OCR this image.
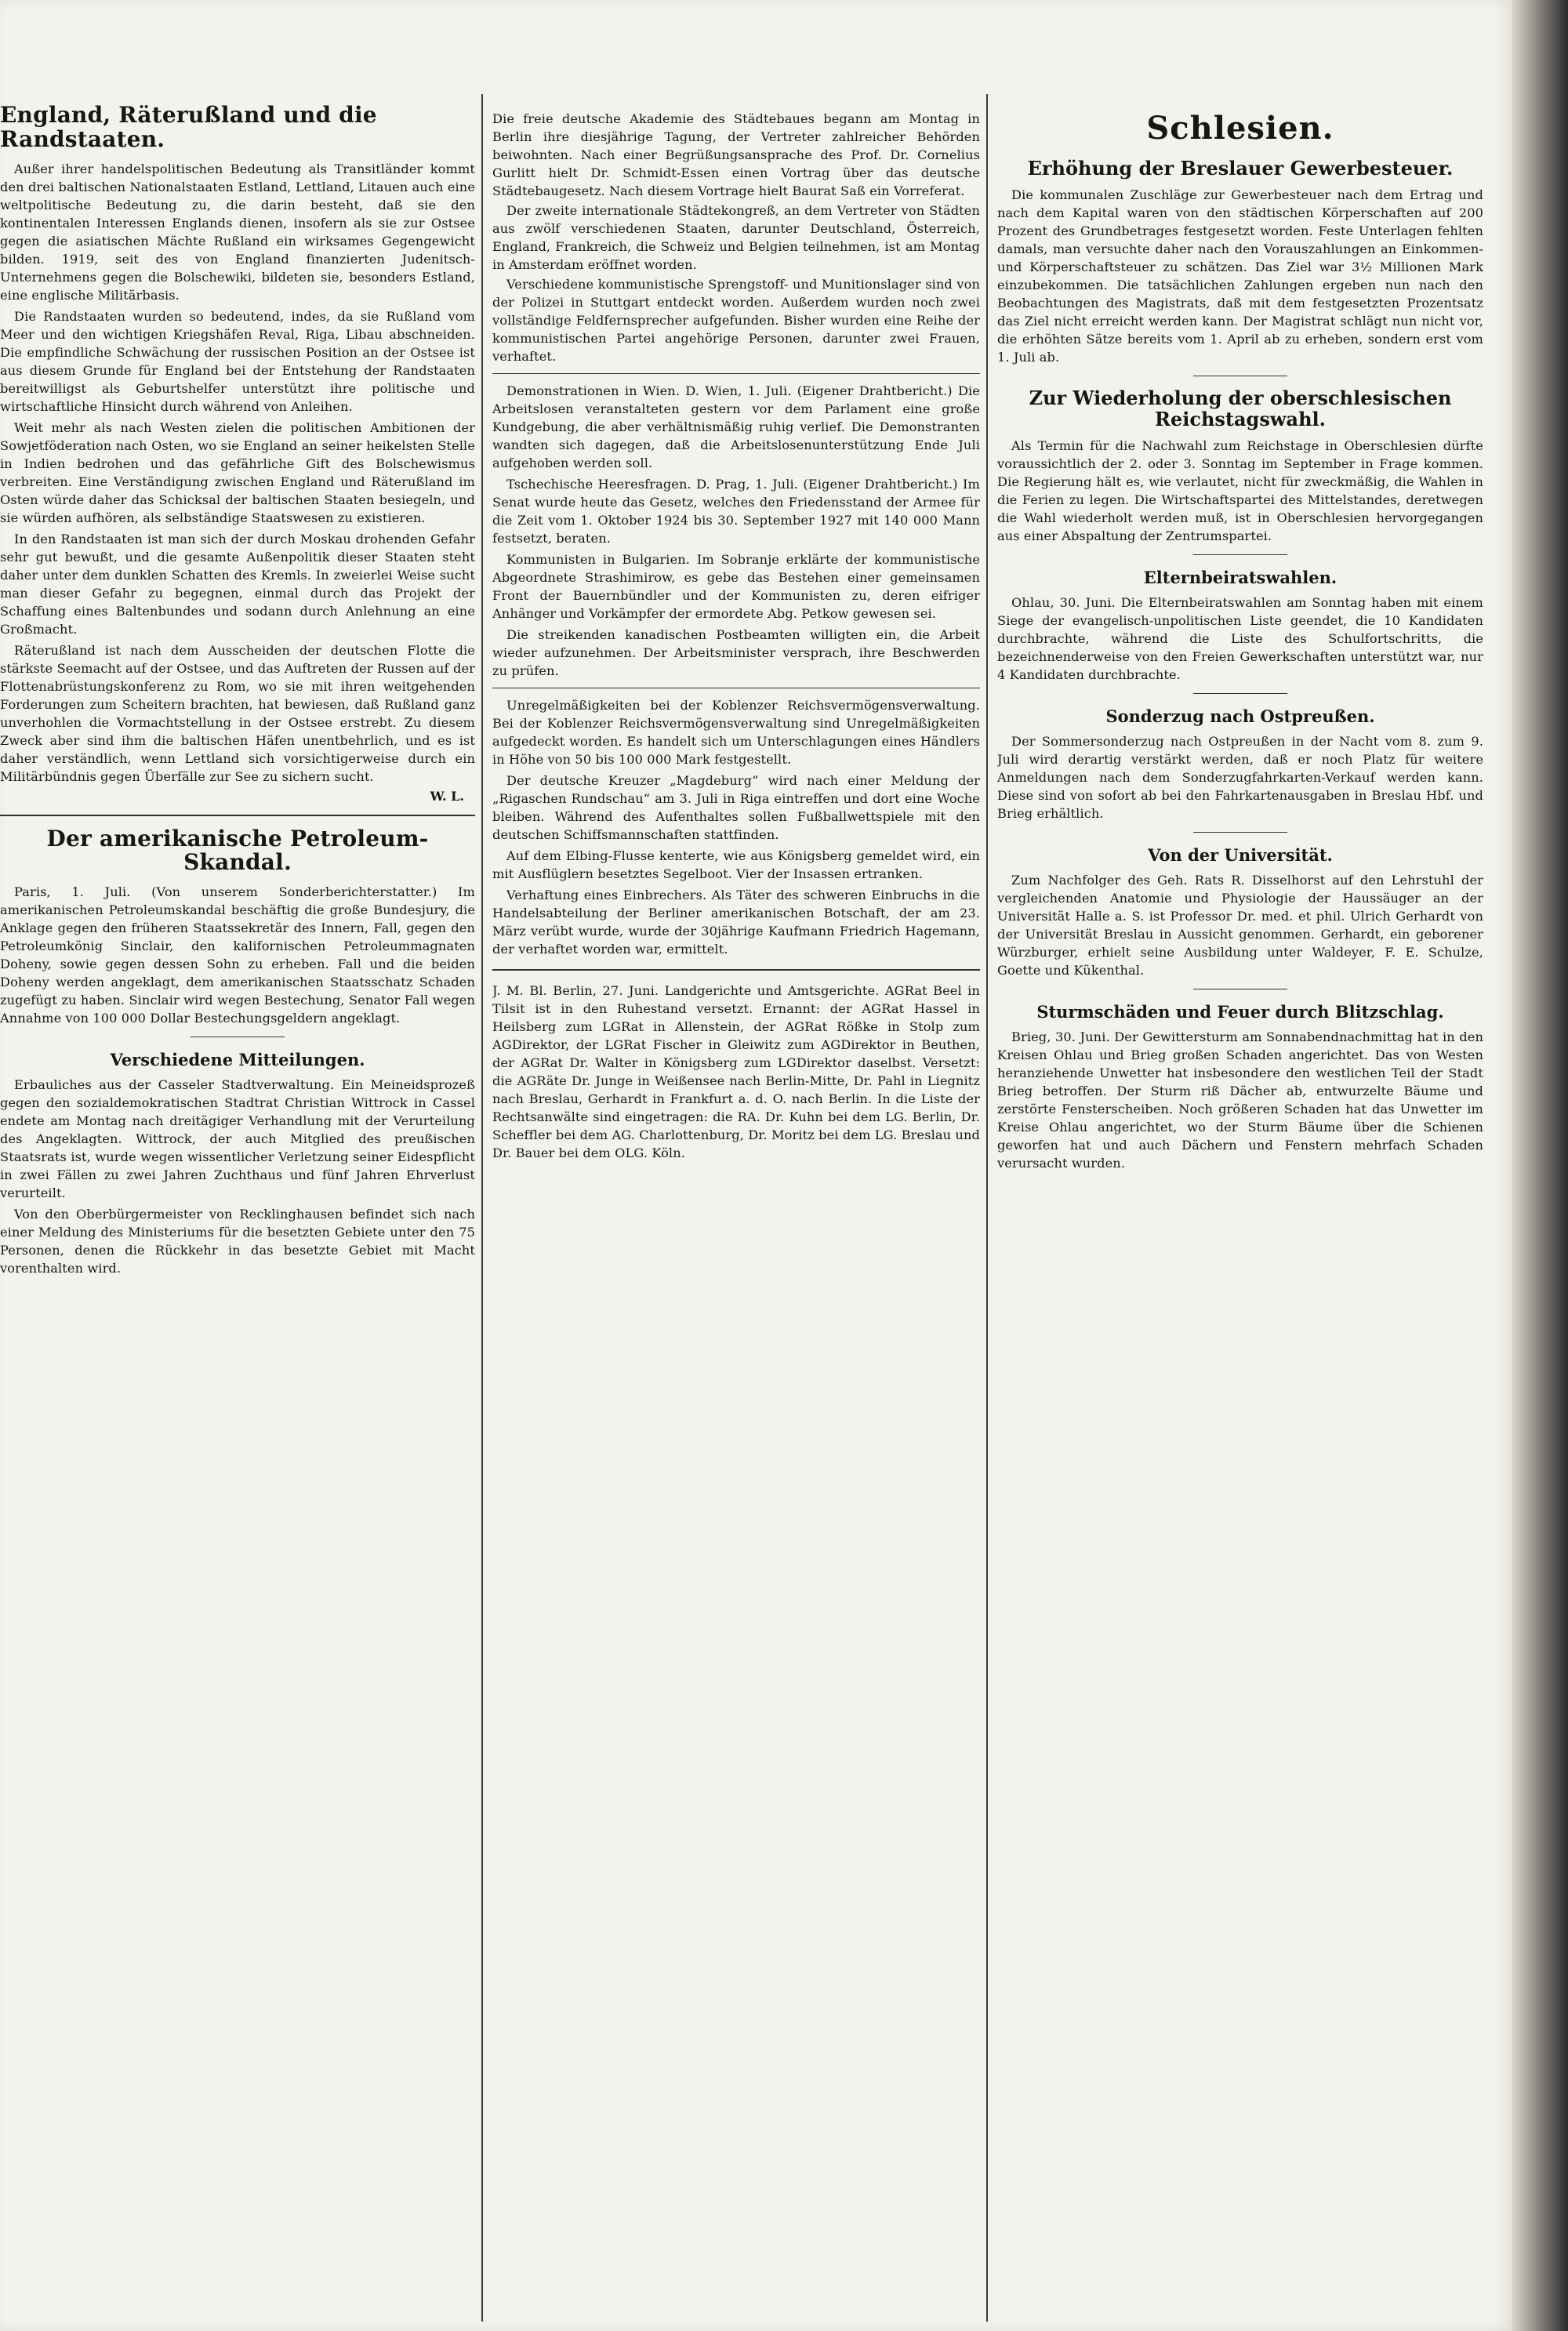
England, Räterußland und die Randstaaten.

Außer ihrer handelspolitischen Bedeutung als Transitländer kommt den drei baltischen Nationalstaaten Estland, Lettland, Litauen auch eine weltpolitische Bedeutung zu, die darin besteht, daß sie den kontinentalen Interessen Englands dienen, insofern als sie zur Ostsee gegen die asiatischen Mächte Rußland ein wirksames Gegengewicht bilden. 1919, seit des von England finanzierten Judenitsch-Unternehmens gegen die Bolschewiki, bildeten sie, besonders Estland, eine englische Militärbasis.

Die Randstaaten wurden so bedeutend, indes, da sie Rußland vom Meer und den wichtigen Kriegshäfen Reval, Riga, Libau abschneiden. Die empfindliche Schwächung der russischen Position an der Ostsee ist aus diesem Grunde für England bei der Entstehung der Randstaaten bereitwilligst als Geburtshelfer unterstützt ihre politische und wirtschaftliche Hinsicht durch während von Anleihen.

Weit mehr als nach Westen zielen die politischen Ambitionen der Sowjetföderation nach Osten, wo sie England an seiner heikelsten Stelle in Indien bedrohen und das gefährliche Gift des Bolschewismus verbreiten. Eine Verständigung zwischen England und Räterußland im Osten würde daher das Schicksal der baltischen Staaten besiegeln, und sie würden aufhören, als selbständige Staatswesen zu existieren.

In den Randstaaten ist man sich der durch Moskau drohenden Gefahr sehr gut bewußt, und die gesamte Außenpolitik dieser Staaten steht daher unter dem dunklen Schatten des Kremls. In zweierlei Weise sucht man dieser Gefahr zu begegnen, einmal durch das Projekt der Schaffung eines Baltenbundes und sodann durch Anlehnung an eine Großmacht.

Räterußland ist nach dem Ausscheiden der deutschen Flotte die stärkste Seemacht auf der Ostsee, und das Auftreten der Russen auf der Flottenabrüstungskonferenz zu Rom, wo sie mit ihren weitgehenden Forderungen zum Scheitern brachten, hat bewiesen, daß Rußland ganz unverhohlen die Vormachtstellung in der Ostsee erstrebt. Zu diesem Zweck aber sind ihm die baltischen Häfen unentbehrlich, und es ist daher verständlich, wenn Lettland sich vorsichtigerweise durch ein Militärbündnis gegen Überfälle zur See zu sichern sucht.

W. L.
Der amerikanische Petroleum-Skandal.

Paris, 1. Juli. (Von unserem Sonderberichterstatter.) Im amerikanischen Petroleumskandal beschäftig die große Bundesjury, die Anklage gegen den früheren Staatssekretär des Innern, Fall, gegen den Petroleumkönig Sinclair, den kalifornischen Petroleummagnaten Doheny, sowie gegen dessen Sohn zu erheben. Fall und die beiden Doheny werden angeklagt, dem amerikanischen Staatsschatz Schaden zugefügt zu haben. Sinclair wird wegen Bestechung, Senator Fall wegen Annahme von 100 000 Dollar Bestechungsgeldern angeklagt.

Verschiedene Mitteilungen.

Erbauliches aus der Casseler Stadtverwaltung. Ein Meineidsprozeß gegen den sozialdemokratischen Stadtrat Christian Wittrock in Cassel endete am Montag nach dreitägiger Verhandlung mit der Verurteilung des Angeklagten. Wittrock, der auch Mitglied des preußischen Staatsrats ist, wurde wegen wissentlicher Verletzung seiner Eidespflicht in zwei Fällen zu zwei Jahren Zuchthaus und fünf Jahren Ehrverlust verurteilt.

Von den Oberbürgermeister von Recklinghausen befindet sich nach einer Meldung des Ministeriums für die besetzten Gebiete unter den 75 Personen, denen die Rückkehr in das besetzte Gebiet mit Macht vorenthalten wird.

Die freie deutsche Akademie des Städtebaues begann am Montag in Berlin ihre diesjährige Tagung, der Vertreter zahlreicher Behörden beiwohnten. Nach einer Begrüßungsansprache des Prof. Dr. Cornelius Gurlitt hielt Dr. Schmidt-Essen einen Vortrag über das deutsche Städtebaugesetz. Nach diesem Vortrage hielt Baurat Saß ein Vorreferat.

Der zweite internationale Städtekongreß, an dem Vertreter von Städten aus zwölf verschiedenen Staaten, darunter Deutschland, Österreich, England, Frankreich, die Schweiz und Belgien teilnehmen, ist am Montag in Amsterdam eröffnet worden.

Verschiedene kommunistische Sprengstoff- und Munitionslager sind von der Polizei in Stuttgart entdeckt worden. Außerdem wurden noch zwei vollständige Feldfernsprecher aufgefunden. Bisher wurden eine Reihe der kommunistischen Partei angehörige Personen, darunter zwei Frauen, verhaftet.

Demonstrationen in Wien. D. Wien, 1. Juli. (Eigener Drahtbericht.) Die Arbeitslosen veranstalteten gestern vor dem Parlament eine große Kundgebung, die aber verhältnismäßig ruhig verlief. Die Demonstranten wandten sich dagegen, daß die Arbeitslosenunterstützung Ende Juli aufgehoben werden soll.

Tschechische Heeresfragen. D. Prag, 1. Juli. (Eigener Drahtbericht.) Im Senat wurde heute das Gesetz, welches den Friedensstand der Armee für die Zeit vom 1. Oktober 1924 bis 30. September 1927 mit 140 000 Mann festsetzt, beraten.

Kommunisten in Bulgarien. Im Sobranje erklärte der kommunistische Abgeordnete Strashimirow, es gebe das Bestehen einer gemeinsamen Front der Bauernbündler und der Kommunisten zu, deren eifriger Anhänger und Vorkämpfer der ermordete Abg. Petkow gewesen sei.

Die streikenden kanadischen Postbeamten willigten ein, die Arbeit wieder aufzunehmen. Der Arbeitsminister versprach, ihre Beschwerden zu prüfen.

Unregelmäßigkeiten bei der Koblenzer Reichsvermögensverwaltung. Bei der Koblenzer Reichsvermögensverwaltung sind Unregelmäßigkeiten aufgedeckt worden. Es handelt sich um Unterschlagungen eines Händlers in Höhe von 50 bis 100 000 Mark festgestellt.

Der deutsche Kreuzer „Magdeburg“ wird nach einer Meldung der „Rigaschen Rundschau“ am 3. Juli in Riga eintreffen und dort eine Woche bleiben. Während des Aufenthaltes sollen Fußballwettspiele mit den deutschen Schiffsmannschaften stattfinden.

Auf dem Elbing-Flusse kenterte, wie aus Königsberg gemeldet wird, ein mit Ausflüglern besetztes Segelboot. Vier der Insassen ertranken.

Verhaftung eines Einbrechers. Als Täter des schweren Einbruchs in die Handelsabteilung der Berliner amerikanischen Botschaft, der am 23. März verübt wurde, wurde der 30jährige Kaufmann Friedrich Hagemann, der verhaftet worden war, ermittelt.

J. M. Bl. Berlin, 27. Juni. Landgerichte und Amtsgerichte. AGRat Beel in Tilsit ist in den Ruhestand versetzt. Ernannt: der AGRat Hassel in Heilsberg zum LGRat in Allenstein, der AGRat Rößke in Stolp zum AGDirektor, der LGRat Fischer in Gleiwitz zum AGDirektor in Beuthen, der AGRat Dr. Walter in Königsberg zum LGDirektor daselbst. Versetzt: die AGRäte Dr. Junge in Weißensee nach Berlin-Mitte, Dr. Pahl in Liegnitz nach Breslau, Gerhardt in Frankfurt a. d. O. nach Berlin. In die Liste der Rechtsanwälte sind eingetragen: die RA. Dr. Kuhn bei dem LG. Berlin, Dr. Scheffler bei dem AG. Charlottenburg, Dr. Moritz bei dem LG. Breslau und Dr. Bauer bei dem OLG. Köln.

Schlesien.
Erhöhung der Breslauer Gewerbesteuer.

Die kommunalen Zuschläge zur Gewerbesteuer nach dem Ertrag und nach dem Kapital waren von den städtischen Körperschaften auf 200 Prozent des Grundbetrages festgesetzt worden. Feste Unterlagen fehlten damals, man versuchte daher nach den Vorauszahlungen an Einkommen- und Körperschaftsteuer zu schätzen. Das Ziel war 3½ Millionen Mark einzubekommen. Die tatsächlichen Zahlungen ergeben nun nach den Beobachtungen des Magistrats, daß mit dem festgesetzten Prozentsatz das Ziel nicht erreicht werden kann. Der Magistrat schlägt nun nicht vor, die erhöhten Sätze bereits vom 1. April ab zu erheben, sondern erst vom 1. Juli ab.

Zur Wiederholung der oberschlesischen Reichstagswahl.

Als Termin für die Nachwahl zum Reichstage in Oberschlesien dürfte voraussichtlich der 2. oder 3. Sonntag im September in Frage kommen. Die Regierung hält es, wie verlautet, nicht für zweckmäßig, die Wahlen in die Ferien zu legen. Die Wirtschaftspartei des Mittelstandes, deretwegen die Wahl wiederholt werden muß, ist in Oberschlesien hervorgegangen aus einer Abspaltung der Zentrumspartei.

Elternbeiratswahlen.

Ohlau, 30. Juni. Die Elternbeiratswahlen am Sonntag haben mit einem Siege der evangelisch-unpolitischen Liste geendet, die 10 Kandidaten durchbrachte, während die Liste des Schulfortschritts, die bezeichnenderweise von den Freien Gewerkschaften unterstützt war, nur 4 Kandidaten durchbrachte.

Sonderzug nach Ostpreußen.

Der Sommersonderzug nach Ostpreußen in der Nacht vom 8. zum 9. Juli wird derartig verstärkt werden, daß er noch Platz für weitere Anmeldungen nach dem Sonderzugfahrkarten-Verkauf werden kann. Diese sind von sofort ab bei den Fahrkartenausgaben in Breslau Hbf. und Brieg erhältlich.

Von der Universität.

Zum Nachfolger des Geh. Rats R. Disselhorst auf den Lehrstuhl der vergleichenden Anatomie und Physiologie der Haussäuger an der Universität Halle a. S. ist Professor Dr. med. et phil. Ulrich Gerhardt von der Universität Breslau in Aussicht genommen. Gerhardt, ein geborener Würzburger, erhielt seine Ausbildung unter Waldeyer, F. E. Schulze, Goette und Kükenthal.

Sturmschäden und Feuer durch Blitzschlag.

Brieg, 30. Juni. Der Gewittersturm am Sonnabendnachmittag hat in den Kreisen Ohlau und Brieg großen Schaden angerichtet. Das von Westen heranziehende Unwetter hat insbesondere den westlichen Teil der Stadt Brieg betroffen. Der Sturm riß Dächer ab, entwurzelte Bäume und zerstörte Fensterscheiben. Noch größeren Schaden hat das Unwetter im Kreise Ohlau angerichtet, wo der Sturm Bäume über die Schienen geworfen hat und auch Dächern und Fenstern mehrfach Schaden verursacht wurden.
